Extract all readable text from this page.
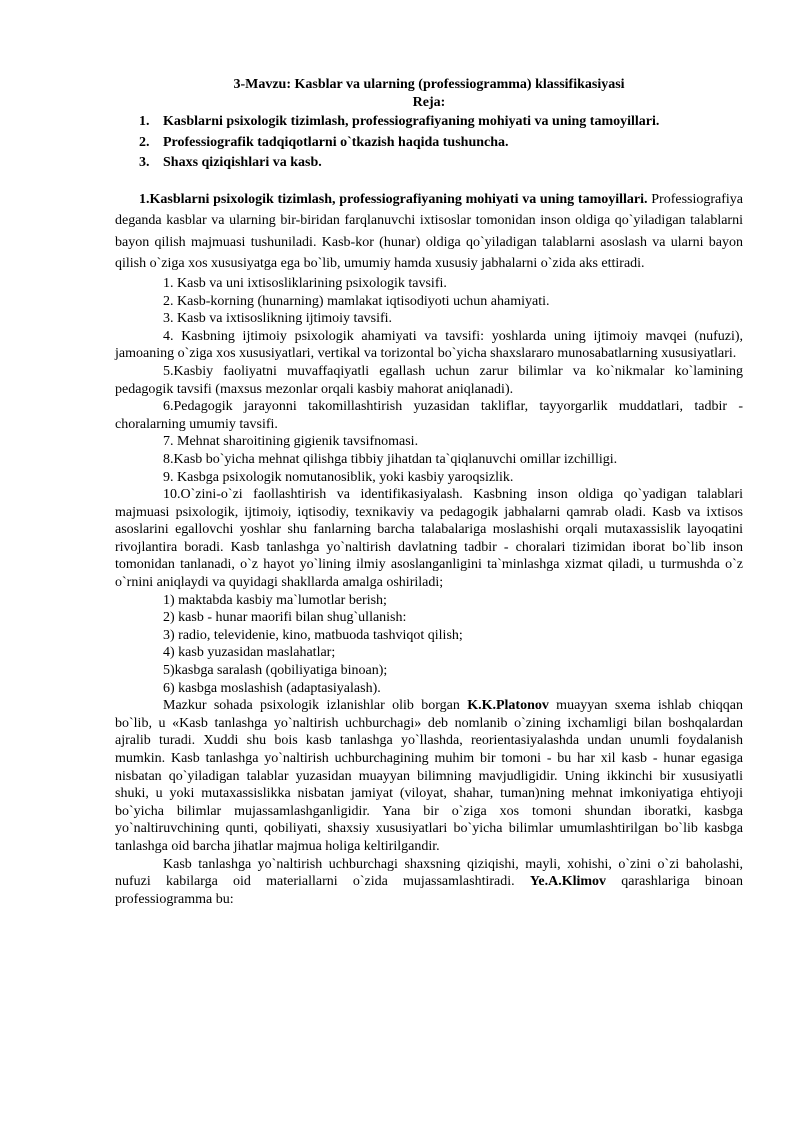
3-Mavzu: Kasblar va ularning (professiogramma) klassifikasiyasi
Reja:
1. Kasblarni psixologik tizimlash, professiografiyaning mohiyati va uning tamoyillari.
2. Professiografik tadqiqotlarni o`tkazish haqida tushuncha.
3. Shaxs qiziqishlari va kasb.

1.Kasblarni psixologik tizimlash, professiografiyaning mohiyati va uning tamoyillari. Professiografiya deganda kasblar va ularning bir-biridan farqlanuvchi ixtisoslar tomonidan inson oldiga qo`yiladigan talablarni bayon qilish majmuasi tushuniladi. Kasb-kor (hunar) oldiga qo`yiladigan talablarni asoslash va ularni bayon qilish o`ziga xos xususiyatga ega bo`lib, umumiy hamda xususiy jabhalarni o`zida aks ettiradi.

1. Kasb va uni ixtisosliklarining psixologik tavsifi.

2. Kasb-korning (hunarning) mamlakat iqtisodiyoti uchun ahamiyati.

3. Kasb va ixtisoslikning ijtimoiy tavsifi.

4. Kasbning ijtimoiy psixologik ahamiyati va tavsifi: yoshlarda uning ijtimoiy mavqei (nufuzi), jamoaning o`ziga xos xususiyatlari, vertikal va torizontal bo`yicha shaxslararo munosabatlarning xususiyatlari.

5.Kasbiy faoliyatni muvaffaqiyatli egallash uchun zarur bilimlar va ko`nikmalar ko`lamining pedagogik tavsifi (maxsus mezonlar orqali kasbiy mahorat aniqlanadi).

6.Pedagogik jarayonni takomillashtirish yuzasidan takliflar, tayyorgarlik muddatlari, tadbir - choralarning umumiy tavsifi.

7. Mehnat sharoitining gigienik tavsifnomasi.

8.Kasb bo`yicha mehnat qilishga tibbiy jihatdan ta`qiqlanuvchi omillar izchilligi.

9. Kasbga psixologik nomutanosiblik, yoki kasbiy yaroqsizlik.

10.O`zini-o`zi faollashtirish va identifikasiyalash. Kasbning inson oldiga qo`yadigan talablari majmuasi psixologik, ijtimoiy, iqtisodiy, texnikaviy va pedagogik jabhalarni qamrab oladi. Kasb va ixtisos asoslarini egallovchi yoshlar shu fanlarning barcha talabalariga moslashishi orqali mutaxassislik layoqatini rivojlantira boradi. Kasb tanlashga yo`naltirish davlatning tadbir - choralari tizimidan iborat bo`lib inson tomonidan tanlanadi, o`z hayot yo`lining ilmiy asoslanganligini ta`minlashga xizmat qiladi, u turmushda o`z o`rnini aniqlaydi va quyidagi shakllarda amalga oshiriladi;

1) maktabda kasbiy ma`lumotlar berish;

2) kasb - hunar maorifi bilan shug`ullanish:

3) radio, televidenie, kino, matbuoda tashviqot qilish;

4) kasb yuzasidan maslahatlar;

5)kasbga saralash (qobiliyatiga binoan);

6) kasbga moslashish (adaptasiyalash).

Mazkur sohada psixologik izlanishlar olib borgan K.K.Platonov muayyan sxema ishlab chiqqan bo`lib, u «Kasb tanlashga yo`naltirish uchburchagi» deb nomlanib o`zining ixchamligi bilan boshqalardan ajralib turadi. Xuddi shu bois kasb tanlashga yo`llashda, reorientasiyalashda undan unumli foydalanish mumkin. Kasb tanlashga yo`naltirish uchburchagining muhim bir tomoni - bu har xil kasb - hunar egasiga nisbatan qo`yiladigan talablar yuzasidan muayyan bilimning mavjudligidir. Uning ikkinchi bir xususiyatli shuki, u yoki mutaxassislikka nisbatan jamiyat (viloyat, shahar, tuman)ning mehnat imkoniyatiga ehtiyoji bo`yicha bilimlar mujassamlashganligidir. Yana bir o`ziga xos tomoni shundan iboratki, kasbga yo`naltiruvchining qunti, qobiliyati, shaxsiy xususiyatlari bo`yicha bilimlar umumlashtirilgan bo`lib kasbga tanlashga oid barcha jihatlar majmua holiga keltirilgandir.

Kasb tanlashga yo`naltirish uchburchagi shaxsning qiziqishi, mayli, xohishi, o`zini o`zi baholashi, nufuzi kabilarga oid materiallarni o`zida mujassamlashtiradi. Ye.A.Klimov qarashlariga binoan professiogramma bu:
